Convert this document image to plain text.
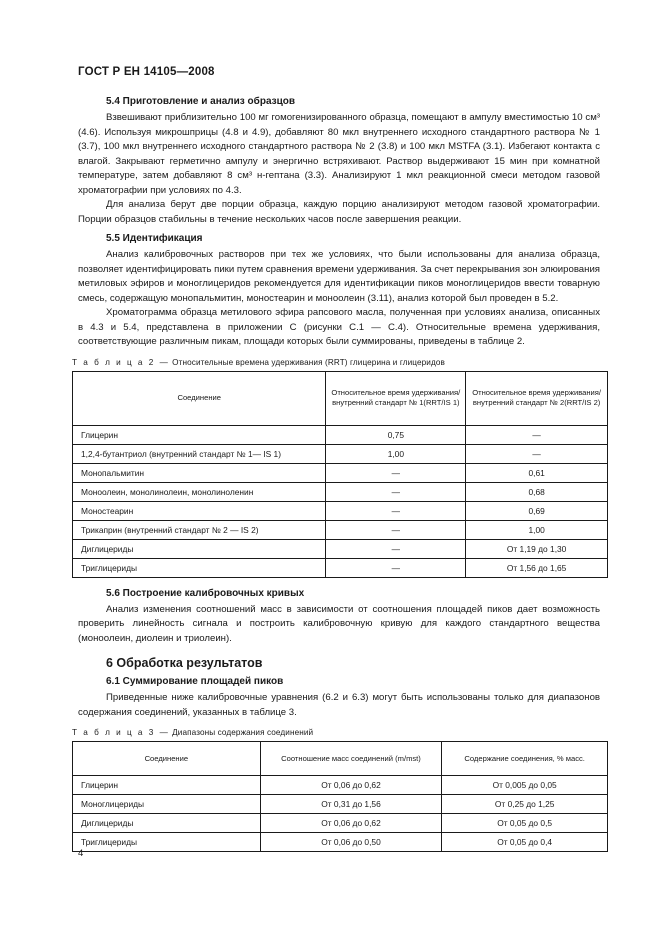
ГОСТ Р ЕН 14105—2008
5.4 Приготовление и анализ образцов
Взвешивают приблизительно 100 мг гомогенизированного образца, помещают в ампулу вместимостью 10 см³ (4.6). Используя микрошприцы (4.8 и 4.9), добавляют 80 мкл внутреннего исходного стандартного раствора № 1 (3.7), 100 мкл внутреннего исходного стандартного раствора № 2 (3.8) и 100 мкл MSTFA (3.1). Избегают контакта с влагой. Закрывают герметично ампулу и энергично встряхивают. Раствор выдерживают 15 мин при комнатной температуре, затем добавляют 8 см³ н-гептана (3.3). Анализируют 1 мкл реакционной смеси методом газовой хроматографии при условиях по 4.3.
Для анализа берут две порции образца, каждую порцию анализируют методом газовой хроматографии. Порции образцов стабильны в течение нескольких часов после завершения реакции.
5.5 Идентификация
Анализ калибровочных растворов при тех же условиях, что были использованы для анализа образца, позволяет идентифицировать пики путем сравнения времени удерживания. За счет перекрывания зон элюирования метиловых эфиров и моноглицеридов рекомендуется для идентификации пиков моноглицеридов ввести товарную смесь, содержащую монопальмитин, моностеарин и моноолеин (3.11), анализ которой был проведен в 5.2.
Хроматограмма образца метилового эфира рапсового масла, полученная при условиях анализа, описанных в 4.3 и 5.4, представлена в приложении С (рисунки С.1 — С.4). Относительные времена удерживания, соответствующие различным пикам, площади которых были суммированы, приведены в таблице 2.
Т а б л и ц а 2 — Относительные времена удерживания (RRT) глицерина и глицеридов
Соединение	Относительное время удерживания/внутренний стандарт № 1(RRT/IS 1)	Относительное время удерживания/внутренний стандарт № 2(RRT/IS 2)
Глицерин	0,75	—
1,2,4-бутантриол (внутренний стандарт № 1— IS 1)	1,00	—
Монопальмитин	—	0,61
Моноолеин, монолинолеин, монолиноленин	—	0,68
Моностеарин	—	0,69
Трикаприн (внутренний стандарт № 2 — IS 2)	—	1,00
Диглицериды	—	От 1,19 до 1,30
Триглицериды	—	От 1,56 до 1,65
5.6 Построение калибровочных кривых
Анализ изменения соотношений масс в зависимости от соотношения площадей пиков дает возможность проверить линейность сигнала и построить калибровочную кривую для каждого стандартного вещества (моноолеин, диолеин и триолеин).
6 Обработка результатов
6.1 Суммирование площадей пиков
Приведенные ниже калибровочные уравнения (6.2 и 6.3) могут быть использованы только для диапазонов содержания соединений, указанных в таблице 3.
Т а б л и ц а 3 — Диапазоны содержания соединений
Соединение	Соотношение масс соединений (m/mst)	Содержание соединения, % масс.
Глицерин	От 0,06 до 0,62	От 0,005 до 0,05
Моноглицериды	От 0,31 до 1,56	От 0,25 до 1,25
Диглицериды	От 0,06 до 0,62	От 0,05 до 0,5
Триглицериды	От 0,06 до 0,50	От 0,05 до 0,4
4
